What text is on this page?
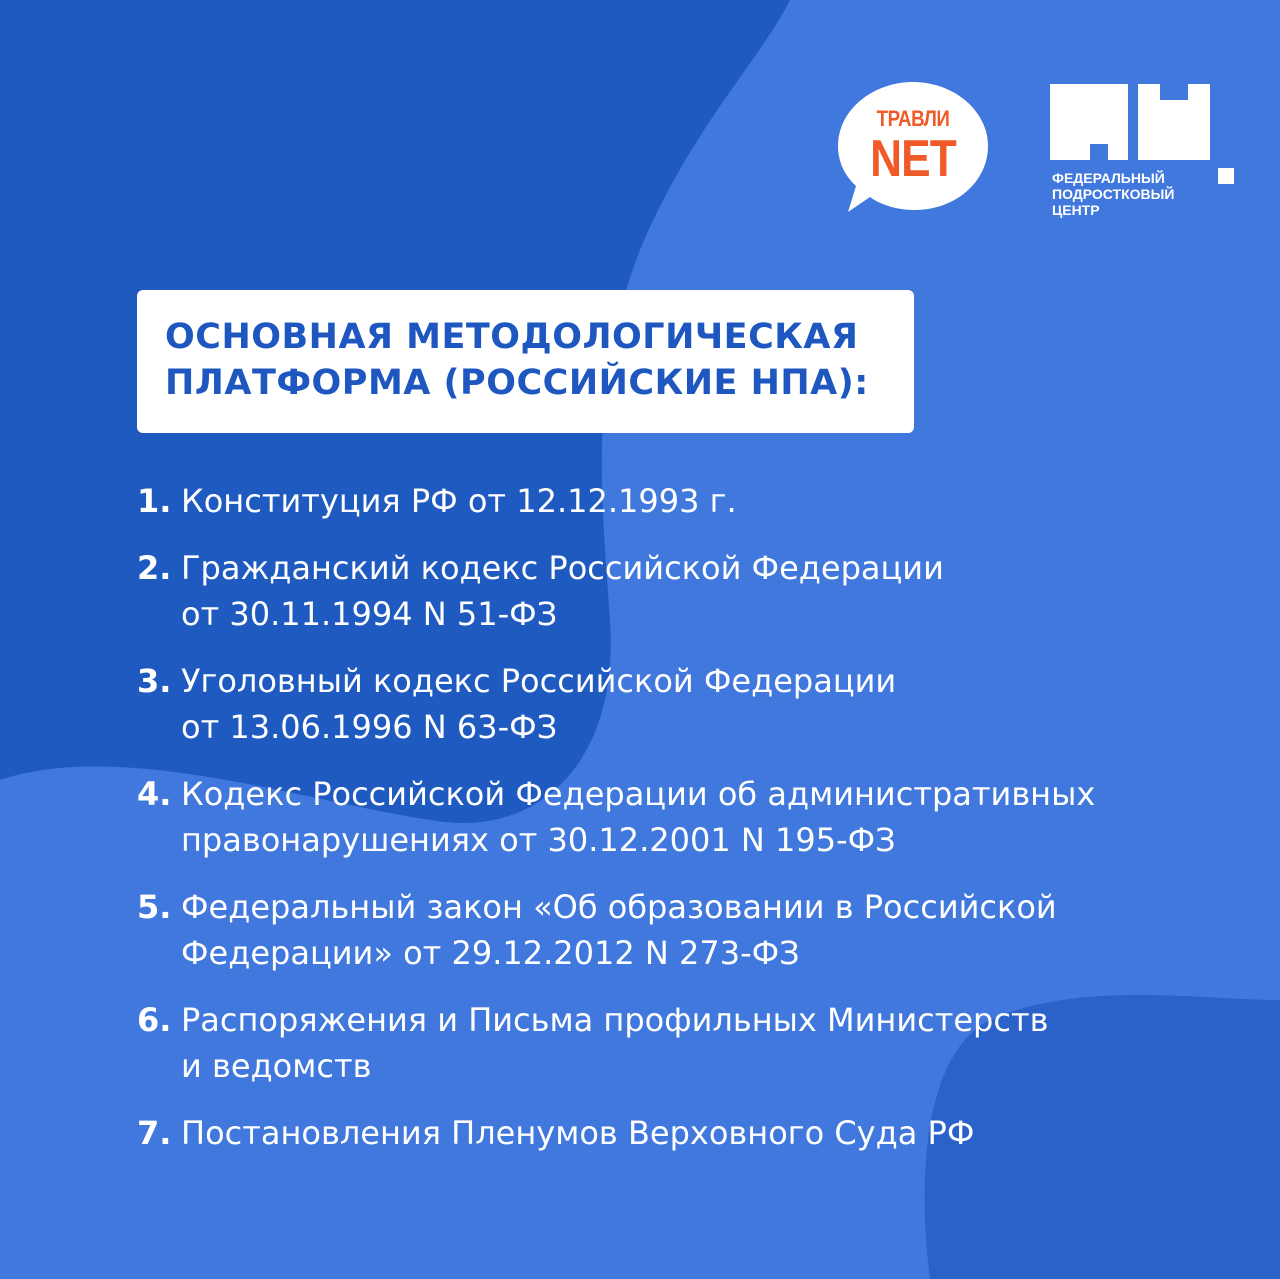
ТРАВЛИ
NET	ФЕДЕРАЛЬНЫЙ
ПОДРОСТКОВЫЙ
ЦЕНТР
ОСНОВНАЯ МЕТОДОЛОГИЧЕСКАЯ
ПЛАТФОРМА (РОССИЙСКИЕ НПА):
1. Конституция РФ от 12.12.1993 г.
2. Гражданский кодекс Российской Федерации
от 30.11.1994 N 51-ФЗ
3. Уголовный кодекс Российской Федерации
от 13.06.1996 N 63-ФЗ
4. Кодекс Российской Федерации об административных
правонарушениях от 30.12.2001 N 195-ФЗ
5. Федеральный закон «Об образовании в Российской
Федерации» от 29.12.2012 N 273-ФЗ
6. Распоряжения и Письма профильных Министерств
и ведомств
7. Постановления Пленумов Верховного Суда РФ
